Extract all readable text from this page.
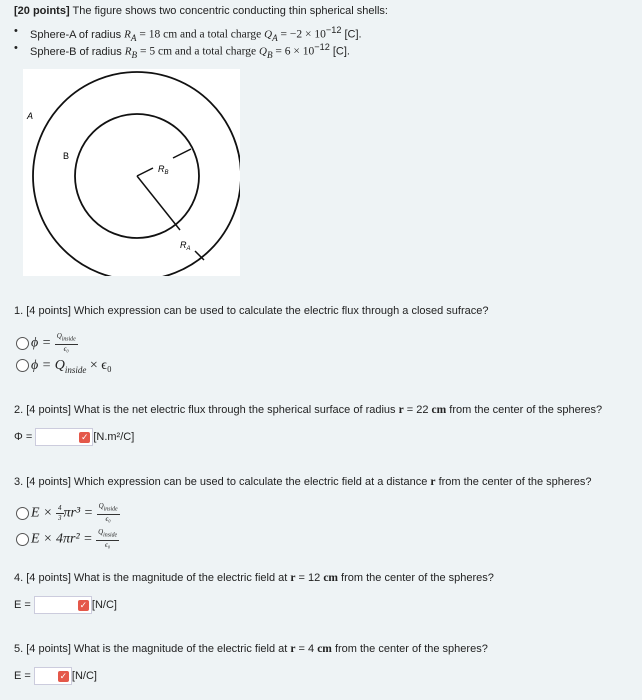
[20 points] The figure shows two concentric conducting thin spherical shells:
• Sphere-A of radius $R_A = 18$ cm and a total charge $Q_A = -2 \times 10^{-12}$ [C].
• Sphere-B of radius $R_B = 5$ cm and a total charge $Q_B = 6 \times 10^{-12}$ [C].
A
B
$R_B$
$R_A$
1. [4 points] Which expression can be used to calculate the electric flux through a closed sufrace?
$\phi = \frac{Q_{inside}}{\text{ϵ₀}}$
$\phi = Q_{inside} \times \epsilon_0$
2. [4 points] What is the net electric flux through the spherical surface of radius r = 22 cm from the center of the spheres?
Φ =	✓ [N.m²/C]
3. [4 points] Which expression can be used to calculate the electric field at a distance r from the center of the spheres?
$E \times \frac{4}{3}\pi r^3 = \frac{Q_{inside}}{\text{ϵ₀}}$
$E \times 4\pi r^2 = \frac{Q_{inside}}{\text{ϵ₀}}$
4. [4 points] What is the magnitude of the electric field at r = 12 cm from the center of the spheres?
E =	✓ [N/C]
5. [4 points] What is the magnitude of the electric field at r = 4 cm from the center of the spheres?
E =	✓ [N/C]
